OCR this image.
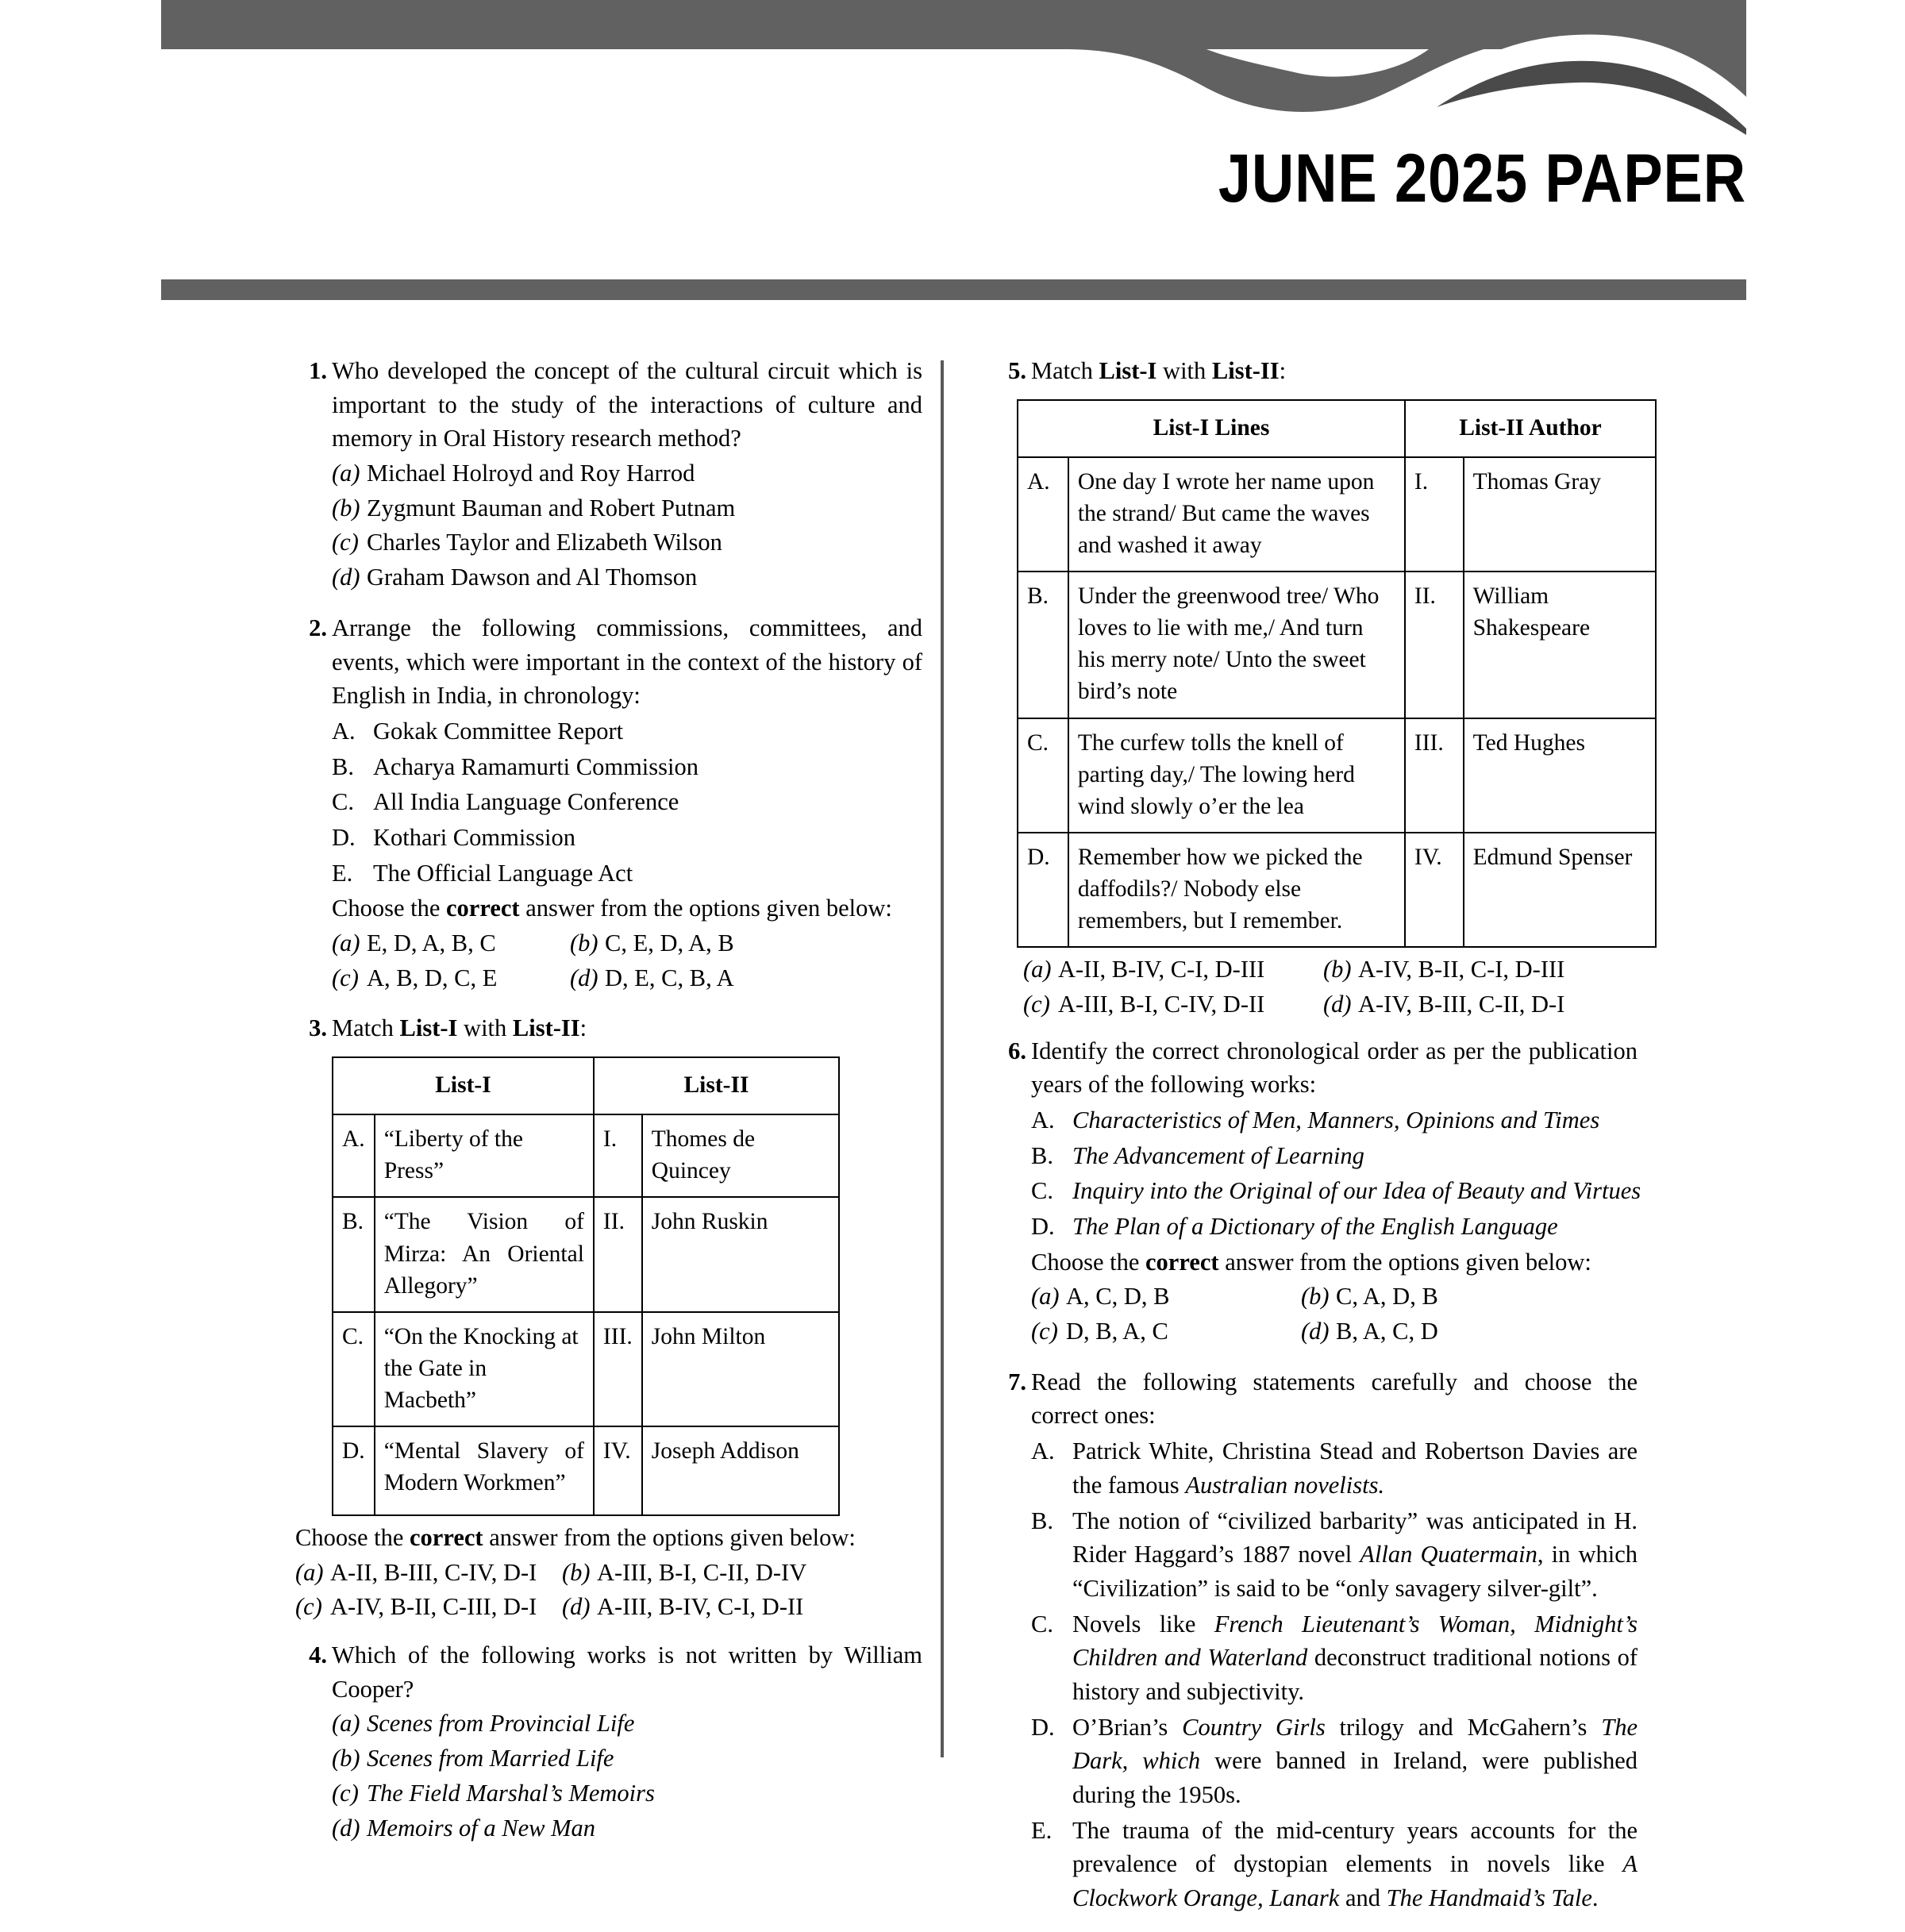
JUNE 2025 PAPER
1. Who developed the concept of the cultural circuit which is important to the study of the interactions of culture and memory in Oral History research method?
(a) Michael Holroyd and Roy Harrod
(b) Zygmunt Bauman and Robert Putnam
(c) Charles Taylor and Elizabeth Wilson
(d) Graham Dawson and Al Thomson
2. Arrange the following commissions, committees, and events, which were important in the context of the history of English in India, in chronology:
A. Gokak Committee Report
B. Acharya Ramamurti Commission
C. All India Language Conference
D. Kothari Commission
E. The Official Language Act
Choose the correct answer from the options given below:
(a) E, D, A, B, C	(b) C, E, D, A, B
(c) A, B, D, C, E	(d) D, E, C, B, A
3. Match List-I with List-II:
List-I		List-II	
A.	“Liberty of the Press”	I.	Thomes de Quincey
B.	“The Vision of Mirza: An Oriental Allegory”	II.	John Ruskin
C.	“On the Knocking at the Gate in Macbeth”	III.	John Milton
D.	“Mental Slavery of Modern Workmen”	IV.	Joseph Addison
Choose the correct answer from the options given below:
(a) A-II, B-III, C-IV, D-I	(b) A-III, B-I, C-II, D-IV
(c) A-IV, B-II, C-III, D-I	(d) A-III, B-IV, C-I, D-II
4. Which of the following works is not written by William Cooper?
(a) Scenes from Provincial Life
(b) Scenes from Married Life
(c) The Field Marshal’s Memoirs
(d) Memoirs of a New Man
5. Match List-I with List-II:
List-I Lines		List-II Author	
A.	One day I wrote her name upon the strand/ But came the waves and washed it away	I.	Thomas Gray
B.	Under the greenwood tree/ Who loves to lie with me,/ And turn his merry note/ Unto the sweet bird’s note	II.	William Shakespeare
C.	The curfew tolls the knell of parting day,/ The lowing herd wind slowly o’er the lea	III.	Ted Hughes
D.	Remember how we picked the daffodils?/ Nobody else remembers, but I remember.	IV.	Edmund Spenser
(a) A-II, B-IV, C-I, D-III	(b) A-IV, B-II, C-I, D-III
(c) A-III, B-I, C-IV, D-II	(d) A-IV, B-III, C-II, D-I
6. Identify the correct chronological order as per the publication years of the following works:
A. Characteristics of Men, Manners, Opinions and Times
B. The Advancement of Learning
C. Inquiry into the Original of our Idea of Beauty and Virtues
D. The Plan of a Dictionary of the English Language
Choose the correct answer from the options given below:
(a) A, C, D, B	(b) C, A, D, B
(c) D, B, A, C	(d) B, A, C, D
7. Read the following statements carefully and choose the correct ones:
A. Patrick White, Christina Stead and Robertson Davies are the famous Australian novelists.
B. The notion of “civilized barbarity” was anticipated in H. Rider Haggard’s 1887 novel Allan Quatermain, in which “Civilization” is said to be “only savagery silver-gilt”.
C. Novels like French Lieutenant’s Woman, Midnight’s Children and Waterland deconstruct traditional notions of history and subjectivity.
D. O’Brian’s Country Girls trilogy and McGahern’s The Dark, which were banned in Ireland, were published during the 1950s.
E. The trauma of the mid-century years accounts for the prevalence of dystopian elements in novels like A Clockwork Orange, Lanark and The Handmaid’s Tale.
